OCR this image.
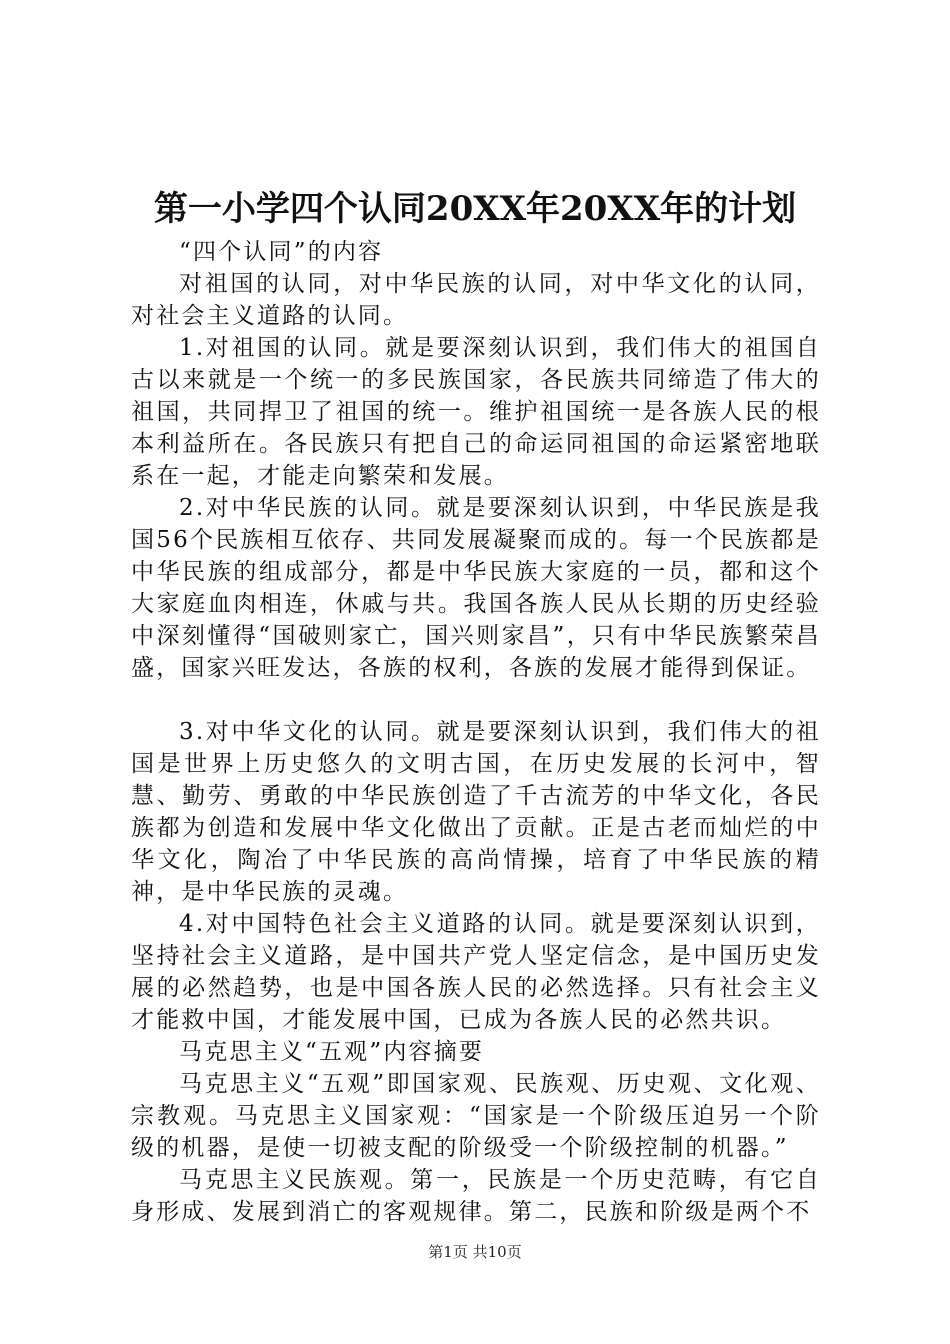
第一小学四个认同20XX年20XX年的计划

“四个认同”的内容

对祖国的认同，对中华民族的认同，对中华文化的认同，对社会主义道路的认同。

1.对祖国的认同。就是要深刻认识到，我们伟大的祖国自古以来就是一个统一的多民族国家，各民族共同缔造了伟大的祖国，共同捍卫了祖国的统一。维护祖国统一是各族人民的根本利益所在。各民族只有把自己的命运同祖国的命运紧密地联系在一起，才能走向繁荣和发展。

2.对中华民族的认同。就是要深刻认识到，中华民族是我国56个民族相互依存、共同发展凝聚而成的。每一个民族都是中华民族的组成部分，都是中华民族大家庭的一员，都和这个大家庭血肉相连，休戚与共。我国各族人民从长期的历史经验中深刻懂得“国破则家亡，国兴则家昌”，只有中华民族繁荣昌盛，国家兴旺发达，各族的权利，各族的发展才能得到保证。

3.对中华文化的认同。就是要深刻认识到，我们伟大的祖国是世界上历史悠久的文明古国，在历史发展的长河中，智慧、勤劳、勇敢的中华民族创造了千古流芳的中华文化，各民族都为创造和发展中华文化做出了贡献。正是古老而灿烂的中华文化，陶冶了中华民族的高尚情操，培育了中华民族的精神，是中华民族的灵魂。

4.对中国特色社会主义道路的认同。就是要深刻认识到，坚持社会主义道路，是中国共产党人坚定信念，是中国历史发展的必然趋势，也是中国各族人民的必然选择。只有社会主义才能救中国，才能发展中国，已成为各族人民的必然共识。

马克思主义“五观”内容摘要

马克思主义“五观”即国家观、民族观、历史观、文化观、宗教观。马克思主义国家观：“国家是一个阶级压迫另一个阶级的机器，是使一切被支配的阶级受一个阶级控制的机器。”

马克思主义民族观。第一，民族是一个历史范畴，有它自身形成、发展到消亡的客观规律。第二，民族和阶级是两个不

第1页 共10页
